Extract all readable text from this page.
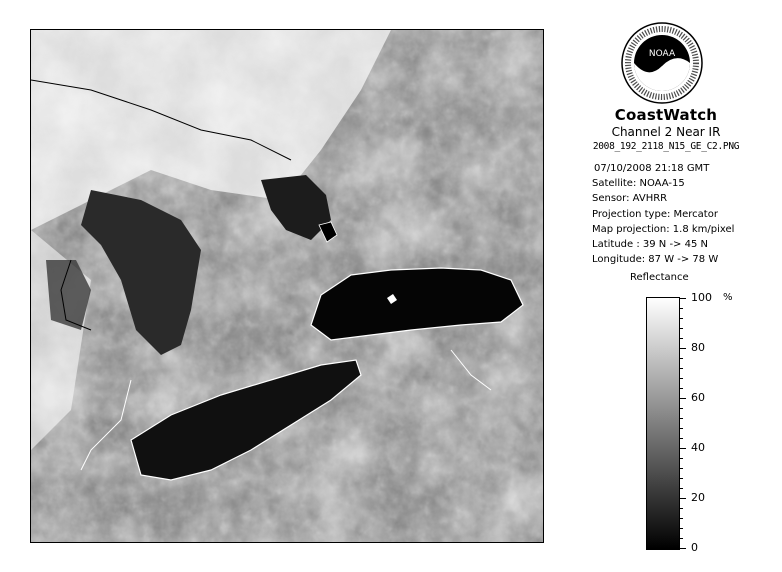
NOAA
CoastWatch
Channel 2 Near IR
2008_192_2118_N15_GE_C2.PNG
07/10/2008 21:18 GMT
Satellite: NOAA-15
Sensor: AVHRR
Projection type: Mercator
Map projection: 1.8 km/pixel
Latitude : 39 N -> 45 N
Longitude: 87 W -> 78 W
Reflectance
%
100
80
60
40
20
0
